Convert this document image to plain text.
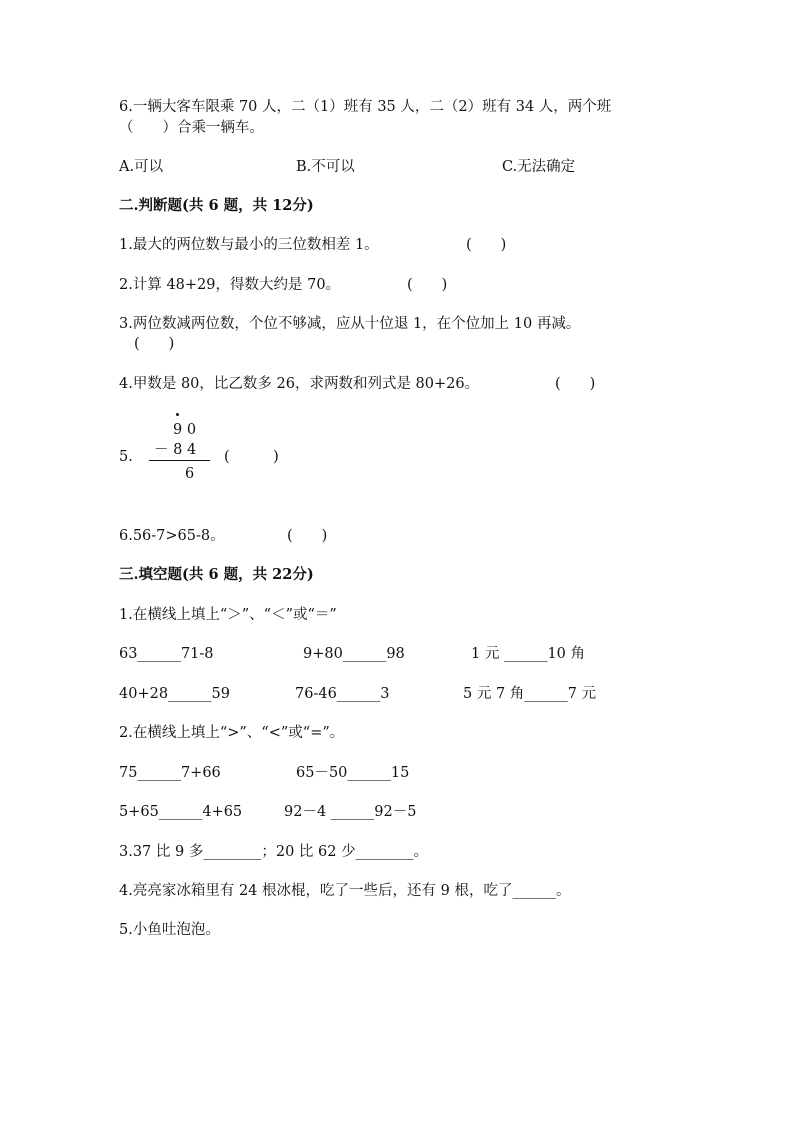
6.一辆大客车限乘 70 人，二（1）班有 35 人，二（2）班有 34 人，两个班
（　　）合乘一辆车。
A.可以	B.不可以	C.无法确定
二.判断题(共 6 题，共 12分)
1.最大的两位数与最小的三位数相差 1。	(　　)
2.计算 48+29，得数大约是 70。	(　　)
3.两位数减两位数，个位不够减，应从十位退 1，在个位加上 10 再减。
(　　)
4.甲数是 80，比乙数多 26，求两数和列式是 80+26。	(　　)
5.
9 0
－ 8 4
6
(　　　)
6.56-7>65-8。	(　　)
三.填空题(共 6 题，共 22分)
1.在横线上填上“＞”、“＜”或“＝”
63______71-8	9+80______98	1 元 ______10 角
40+28______59	76-46______3	5 元 7 角______7 元
2.在横线上填上“>”、“<”或“=”。
75______7+66	65－50______15
5+65______4+65	92－4 ______92－5
3.37 比 9 多________；20 比 62 少________。
4.亮亮家冰箱里有 24 根冰棍，吃了一些后，还有 9 根，吃了______。
5.小鱼吐泡泡。
